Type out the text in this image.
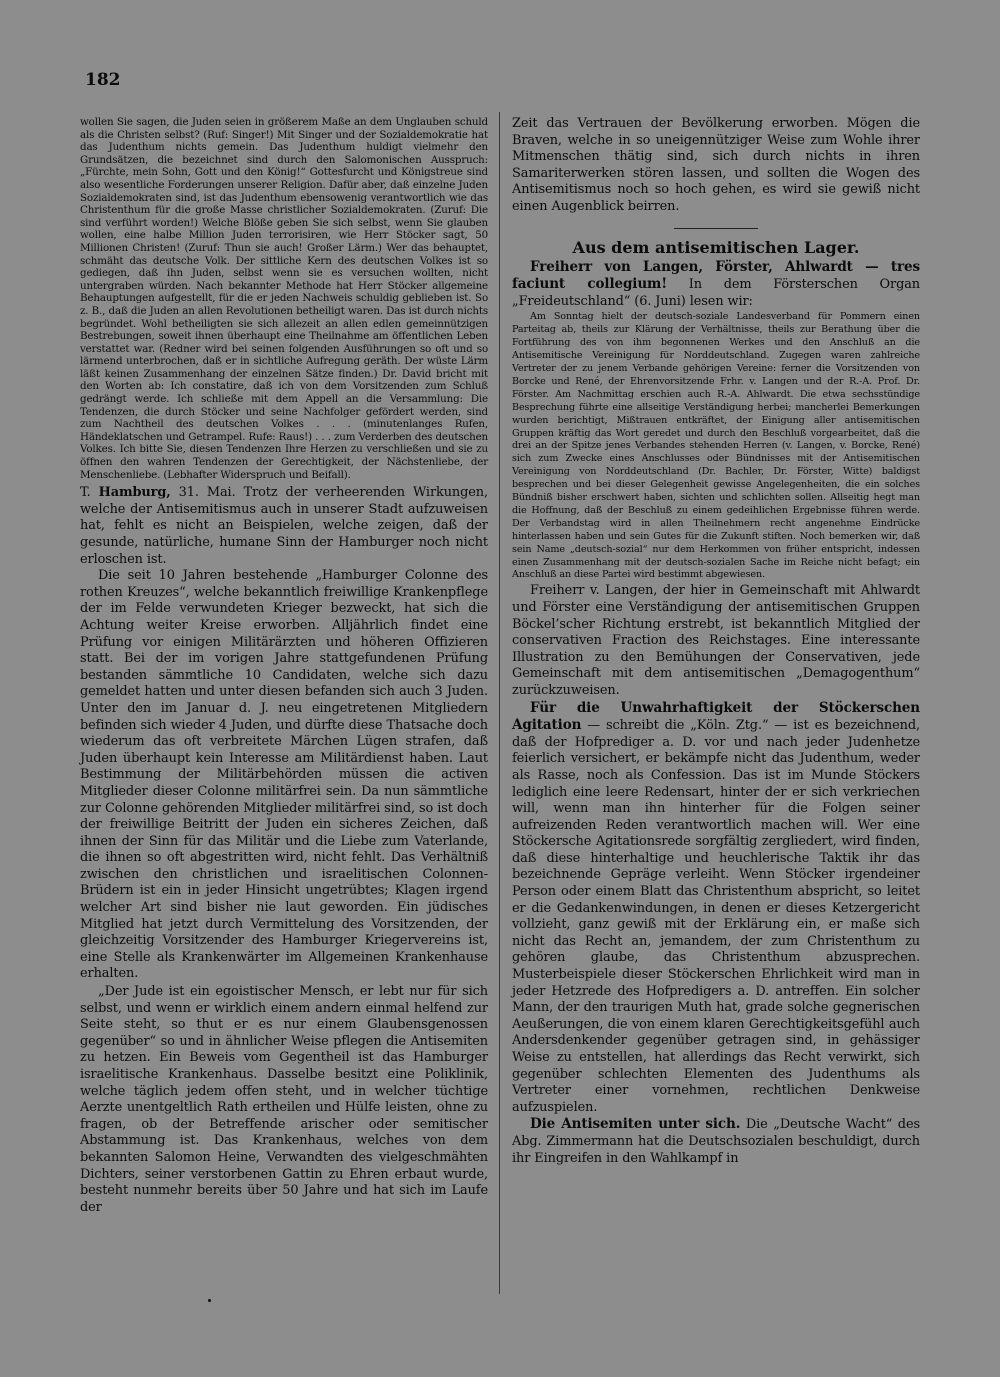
182

wollen Sie sagen, die Juden seien in größerem Maße an dem Unglauben schuld als die Christen selbst? (Ruf: Singer!) Mit Singer und der Sozialdemokratie hat das Judenthum nichts gemein. Das Judenthum huldigt vielmehr den Grundsätzen, die bezeichnet sind durch den Salomonischen Ausspruch: „Fürchte, mein Sohn, Gott und den König!“ Gottesfurcht und Königstreue sind also wesentliche Forderungen unserer Religion. Dafür aber, daß einzelne Juden Sozialdemokraten sind, ist das Judenthum ebensowenig verantwortlich wie das Christenthum für die große Masse christlicher Sozialdemokraten. (Zuruf: Die sind verführt worden!) Welche Blöße geben Sie sich selbst, wenn Sie glauben wollen, eine halbe Million Juden terrorisiren, wie Herr Stöcker sagt, 50 Millionen Christen! (Zuruf: Thun sie auch! Großer Lärm.) Wer das behauptet, schmäht das deutsche Volk. Der sittliche Kern des deutschen Volkes ist so gediegen, daß ihn Juden, selbst wenn sie es versuchen wollten, nicht untergraben würden. Nach bekannter Methode hat Herr Stöcker allgemeine Behauptungen aufgestellt, für die er jeden Nachweis schuldig geblieben ist. So z. B., daß die Juden an allen Revolutionen betheiligt waren. Das ist durch nichts begründet. Wohl betheiligten sie sich allezeit an allen edlen gemeinnützigen Bestrebungen, soweit ihnen überhaupt eine Theilnahme am öffentlichen Leben verstattet war. (Redner wird bei seinen folgenden Ausführungen so oft und so lärmend unterbrochen, daß er in sichtliche Aufregung geräth. Der wüste Lärm läßt keinen Zusammenhang der einzelnen Sätze finden.) Dr. David bricht mit den Worten ab: Ich constatire, daß ich von dem Vorsitzenden zum Schluß gedrängt werde. Ich schließe mit dem Appell an die Versammlung: Die Tendenzen, die durch Stöcker und seine Nachfolger gefördert werden, sind zum Nachtheil des deutschen Volkes . . . (minutenlanges Rufen, Händeklatschen und Getrampel. Rufe: Raus!) . . . zum Verderben des deutschen Volkes. Ich bitte Sie, diesen Tendenzen Ihre Herzen zu verschließen und sie zu öffnen den wahren Tendenzen der Gerechtigkeit, der Nächstenliebe, der Menschenliebe. (Lebhafter Widerspruch und Beifall).

T. Hamburg, 31. Mai. Trotz der verheerenden Wirkungen, welche der Antisemitismus auch in unserer Stadt aufzuweisen hat, fehlt es nicht an Beispielen, welche zeigen, daß der gesunde, natürliche, humane Sinn der Hamburger noch nicht erloschen ist.

Die seit 10 Jahren bestehende „Hamburger Colonne des rothen Kreuzes“, welche bekanntlich freiwillige Krankenpflege der im Felde verwundeten Krieger bezweckt, hat sich die Achtung weiter Kreise erworben. Alljährlich findet eine Prüfung vor einigen Militärärzten und höheren Offizieren statt. Bei der im vorigen Jahre stattgefundenen Prüfung bestanden sämmtliche 10 Candidaten, welche sich dazu gemeldet hatten und unter diesen befanden sich auch 3 Juden. Unter den im Januar d. J. neu eingetretenen Mitgliedern befinden sich wieder 4 Juden, und dürfte diese Thatsache doch wiederum das oft verbreitete Märchen Lügen strafen, daß Juden überhaupt kein Interesse am Militärdienst haben. Laut Bestimmung der Militärbehörden müssen die activen Mitglieder dieser Colonne militärfrei sein. Da nun sämmtliche zur Colonne gehörenden Mitglieder militärfrei sind, so ist doch der freiwillige Beitritt der Juden ein sicheres Zeichen, daß ihnen der Sinn für das Militär und die Liebe zum Vaterlande, die ihnen so oft abgestritten wird, nicht fehlt. Das Verhältniß zwischen den christlichen und israelitischen Colonnen-Brüdern ist ein in jeder Hinsicht ungetrübtes; Klagen irgend welcher Art sind bisher nie laut geworden. Ein jüdisches Mitglied hat jetzt durch Vermittelung des Vorsitzenden, der gleichzeitig Vorsitzender des Hamburger Kriegervereins ist, eine Stelle als Krankenwärter im Allgemeinen Krankenhause erhalten.

„Der Jude ist ein egoistischer Mensch, er lebt nur für sich selbst, und wenn er wirklich einem andern einmal helfend zur Seite steht, so thut er es nur einem Glaubensgenossen gegenüber“ so und in ähnlicher Weise pflegen die Antisemiten zu hetzen. Ein Beweis vom Gegentheil ist das Hamburger israelitische Krankenhaus. Dasselbe besitzt eine Poliklinik, welche täglich jedem offen steht, und in welcher tüchtige Aerzte unentgeltlich Rath ertheilen und Hülfe leisten, ohne zu fragen, ob der Betreffende arischer oder semitischer Abstammung ist. Das Krankenhaus, welches von dem bekannten Salomon Heine, Verwandten des vielgeschmähten Dichters, seiner verstorbenen Gattin zu Ehren erbaut wurde, besteht nunmehr bereits über 50 Jahre und hat sich im Laufe der

Zeit das Vertrauen der Bevölkerung erworben. Mögen die Braven, welche in so uneigennütziger Weise zum Wohle ihrer Mitmenschen thätig sind, sich durch nichts in ihren Samariterwerken stören lassen, und sollten die Wogen des Antisemitismus noch so hoch gehen, es wird sie gewiß nicht einen Augenblick beirren.

Aus dem antisemitischen Lager.

Freiherr von Langen, Förster, Ahlwardt — tres faciunt collegium! In dem Försterschen Organ „Freideutschland“ (6. Juni) lesen wir:

Am Sonntag hielt der deutsch-soziale Landesverband für Pommern einen Parteitag ab, theils zur Klärung der Verhältnisse, theils zur Berathung über die Fortführung des von ihm begonnenen Werkes und den Anschluß an die Antisemitische Vereinigung für Norddeutschland. Zugegen waren zahlreiche Vertreter der zu jenem Verbande gehörigen Vereine: ferner die Vorsitzenden von Borcke und René, der Ehrenvorsitzende Frhr. v. Langen und der R.-A. Prof. Dr. Förster. Am Nachmittag erschien auch R.-A. Ahlwardt. Die etwa sechsstündige Besprechung führte eine allseitige Verständigung herbei; mancherlei Bemerkungen wurden berichtigt, Mißtrauen entkräftet, der Einigung aller antisemitischen Gruppen kräftig das Wort geredet und durch den Beschluß vorgearbeitet, daß die drei an der Spitze jenes Verbandes stehenden Herren (v. Langen, v. Borcke, René) sich zum Zwecke eines Anschlusses oder Bündnisses mit der Antisemitischen Vereinigung von Norddeutschland (Dr. Bachler, Dr. Förster, Witte) baldigst besprechen und bei dieser Gelegenheit gewisse Angelegenheiten, die ein solches Bündniß bisher erschwert haben, sichten und schlichten sollen. Allseitig hegt man die Hoffnung, daß der Beschluß zu einem gedeihlichen Ergebnisse führen werde. Der Verbandstag wird in allen Theilnehmern recht angenehme Eindrücke hinterlassen haben und sein Gutes für die Zukunft stiften. Noch bemerken wir, daß sein Name „deutsch-sozial“ nur dem Herkommen von früher entspricht, indessen einen Zusammenhang mit der deutsch-sozialen Sache im Reiche nicht befagt; ein Anschluß an diese Partei wird bestimmt abgewiesen.

Freiherr v. Langen, der hier in Gemeinschaft mit Ahlwardt und Förster eine Verständigung der antisemitischen Gruppen Böckel’scher Richtung erstrebt, ist bekanntlich Mitglied der conservativen Fraction des Reichstages. Eine interessante Illustration zu den Bemühungen der Conservativen, jede Gemeinschaft mit dem antisemitischen „Demagogenthum“ zurückzuweisen.

Für die Unwahrhaftigkeit der Stöckerschen Agitation — schreibt die „Köln. Ztg.“ — ist es bezeichnend, daß der Hofprediger a. D. vor und nach jeder Judenhetze feierlich versichert, er bekämpfe nicht das Judenthum, weder als Rasse, noch als Confession. Das ist im Munde Stöckers lediglich eine leere Redensart, hinter der er sich verkriechen will, wenn man ihn hinterher für die Folgen seiner aufreizenden Reden verantwortlich machen will. Wer eine Stöckersche Agitationsrede sorgfältig zergliedert, wird finden, daß diese hinterhaltige und heuchlerische Taktik ihr das bezeichnende Gepräge verleiht. Wenn Stöcker irgendeiner Person oder einem Blatt das Christenthum abspricht, so leitet er die Gedankenwindungen, in denen er dieses Ketzergericht vollzieht, ganz gewiß mit der Erklärung ein, er maße sich nicht das Recht an, jemandem, der zum Christenthum zu gehören glaube, das Christenthum abzusprechen. Musterbeispiele dieser Stöckerschen Ehrlichkeit wird man in jeder Hetzrede des Hofpredigers a. D. antreffen. Ein solcher Mann, der den traurigen Muth hat, grade solche gegnerischen Aeußerungen, die von einem klaren Gerechtigkeitsgefühl auch Andersdenkender gegenüber getragen sind, in gehässiger Weise zu entstellen, hat allerdings das Recht verwirkt, sich gegenüber schlechten Elementen des Judenthums als Vertreter einer vornehmen, rechtlichen Denkweise aufzuspielen.

Die Antisemiten unter sich. Die „Deutsche Wacht“ des Abg. Zimmermann hat die Deutschsozialen beschuldigt, durch ihr Eingreifen in den Wahlkampf in
